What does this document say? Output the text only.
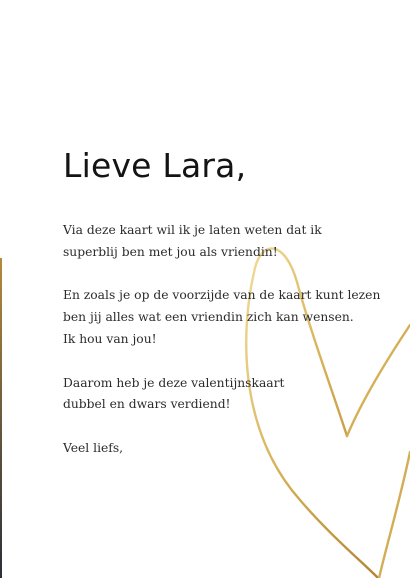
Lieve Lara,

Via deze kaart wil ik je laten weten dat ik
superblij ben met jou als vriendin!

En zoals je op de voorzijde van de kaart kunt lezen
ben jij alles wat een vriendin zich kan wensen.
Ik hou van jou!

Daarom heb je deze valentijnskaart
dubbel en dwars verdiend!

Veel liefs,
